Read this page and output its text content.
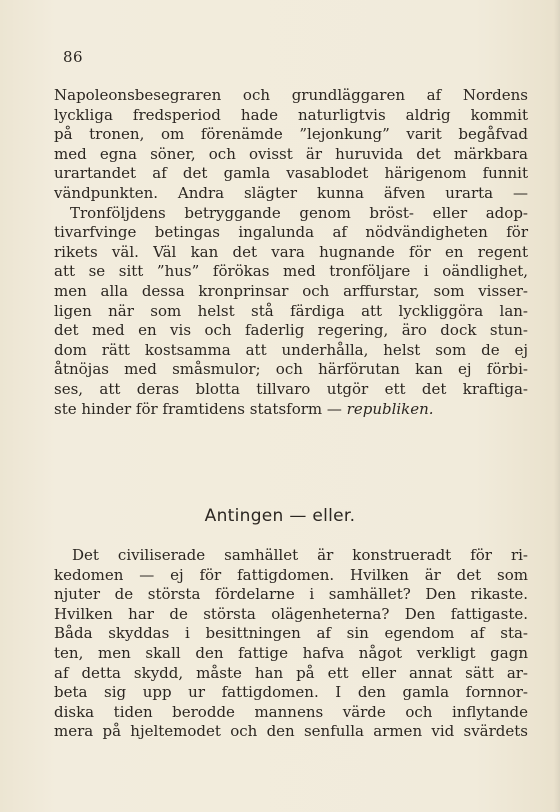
86
Napoleonsbesegraren och grundläggaren af Nordens
lyckliga fredsperiod hade naturligtvis aldrig kommit
på tronen, om förenämde ”lejonkung” varit begåfvad
med egna söner, och ovisst är huruvida det märkbara
urartandet af det gamla vasablodet härigenom funnit
vändpunkten. Andra slägter kunna äfven urarta —
Tronföljdens betryggande genom bröst- eller adop-
tivarfvinge betingas ingalunda af nödvändigheten för
rikets väl. Väl kan det vara hugnande för en regent
att se sitt ”hus” förökas med tronföljare i oändlighet,
men alla dessa kronprinsar och arffurstar, som visser-
ligen när som helst stå färdiga att lyckliggöra lan-
det med en vis och faderlig regering, äro dock stun-
dom rätt kostsamma att underhålla, helst som de ej
åtnöjas med småsmulor; och härförutan kan ej förbi-
ses, att deras blotta tillvaro utgör ett det kraftiga-
ste hinder för framtidens statsform — republiken.
Antingen — eller.
Det civiliserade samhället är konstrueradt för ri-
kedomen — ej för fattigdomen. Hvilken är det som
njuter de största fördelarne i samhället? Den rikaste.
Hvilken har de största olägenheterna? Den fattigaste.
Båda skyddas i besittningen af sin egendom af sta-
ten, men skall den fattige hafva något verkligt gagn
af detta skydd, måste han på ett eller annat sätt ar-
beta sig upp ur fattigdomen. I den gamla fornnor-
diska tiden berodde mannens värde och inflytande
mera på hjeltemodet och den senfulla armen vid svärdets
